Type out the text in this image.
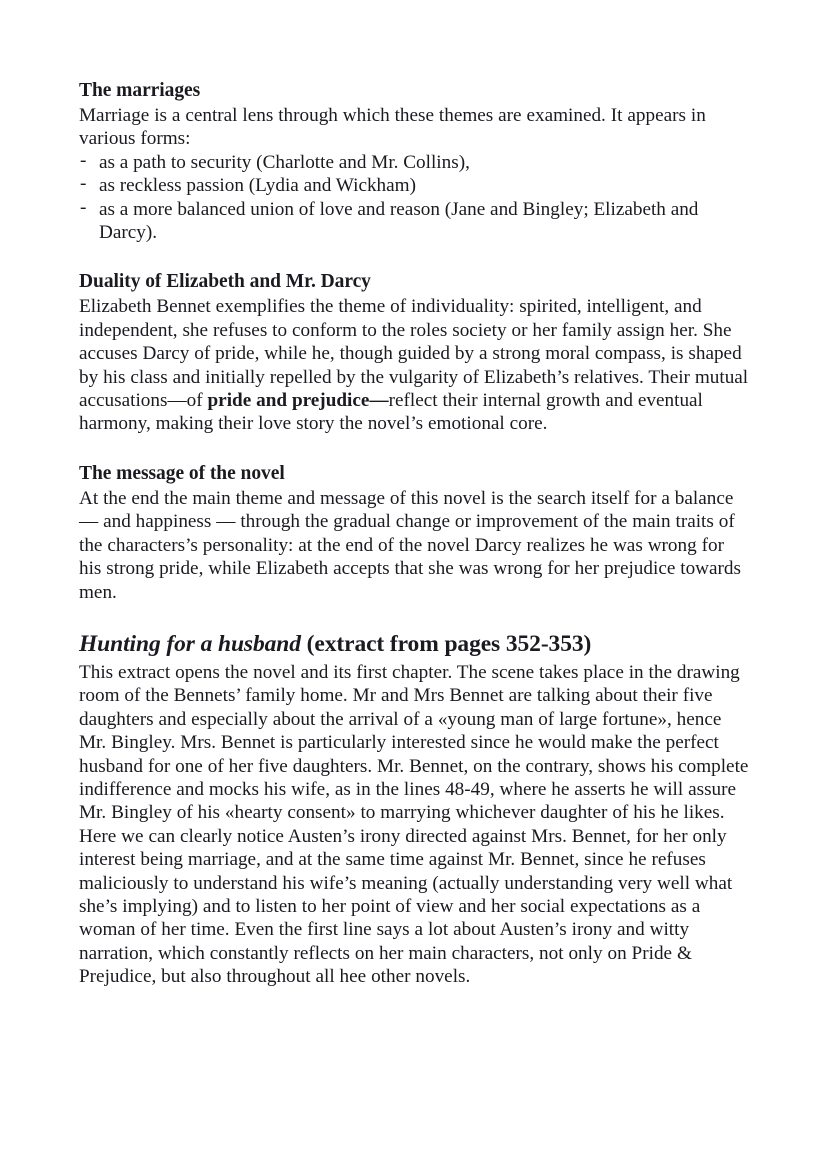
The marriages

Marriage is a central lens through which these themes are examined. It appears in various forms:

- as a path to security (Charlotte and Mr. Collins),
- as reckless passion (Lydia and Wickham)
- as a more balanced union of love and reason (Jane and Bingley; Elizabeth and Darcy).
Duality of Elizabeth and Mr. Darcy

Elizabeth Bennet exemplifies the theme of individuality: spirited, intelligent, and independent, she refuses to conform to the roles society or her family assign her. She accuses Darcy of pride, while he, though guided by a strong moral compass, is shaped by his class and initially repelled by the vulgarity of Elizabeth’s relatives. Their mutual accusations—of pride and prejudice—reflect their internal growth and eventual harmony, making their love story the novel’s emotional core.

The message of the novel

At the end the main theme and message of this novel is the search itself for a balance — and happiness — through the gradual change or improvement of the main traits of the characters’s personality: at the end of the novel Darcy realizes he was wrong for his strong pride, while Elizabeth accepts that she was wrong for her prejudice towards men.

Hunting for a husband (extract from pages 352-353)

This extract opens the novel and its first chapter. The scene takes place in the drawing room of the Bennets’ family home. Mr and Mrs Bennet are talking about their five daughters and especially about the arrival of a «young man of large fortune», hence Mr. Bingley. Mrs. Bennet is particularly interested since he would make the perfect husband for one of her five daughters. Mr. Bennet, on the contrary, shows his complete indifference and mocks his wife, as in the lines 48-49, where he asserts he will assure Mr. Bingley of his «hearty consent» to marrying whichever daughter of his he likes. Here we can clearly notice Austen’s irony directed against Mrs. Bennet, for her only interest being marriage, and at the same time against Mr. Bennet, since he refuses maliciously to understand his wife’s meaning (actually understanding very well what she’s implying) and to listen to her point of view and her social expectations as a woman of her time. Even the first line says a lot about Austen’s irony and witty narration, which constantly reflects on her main characters, not only on Pride & Prejudice, but also throughout all hee other novels.
